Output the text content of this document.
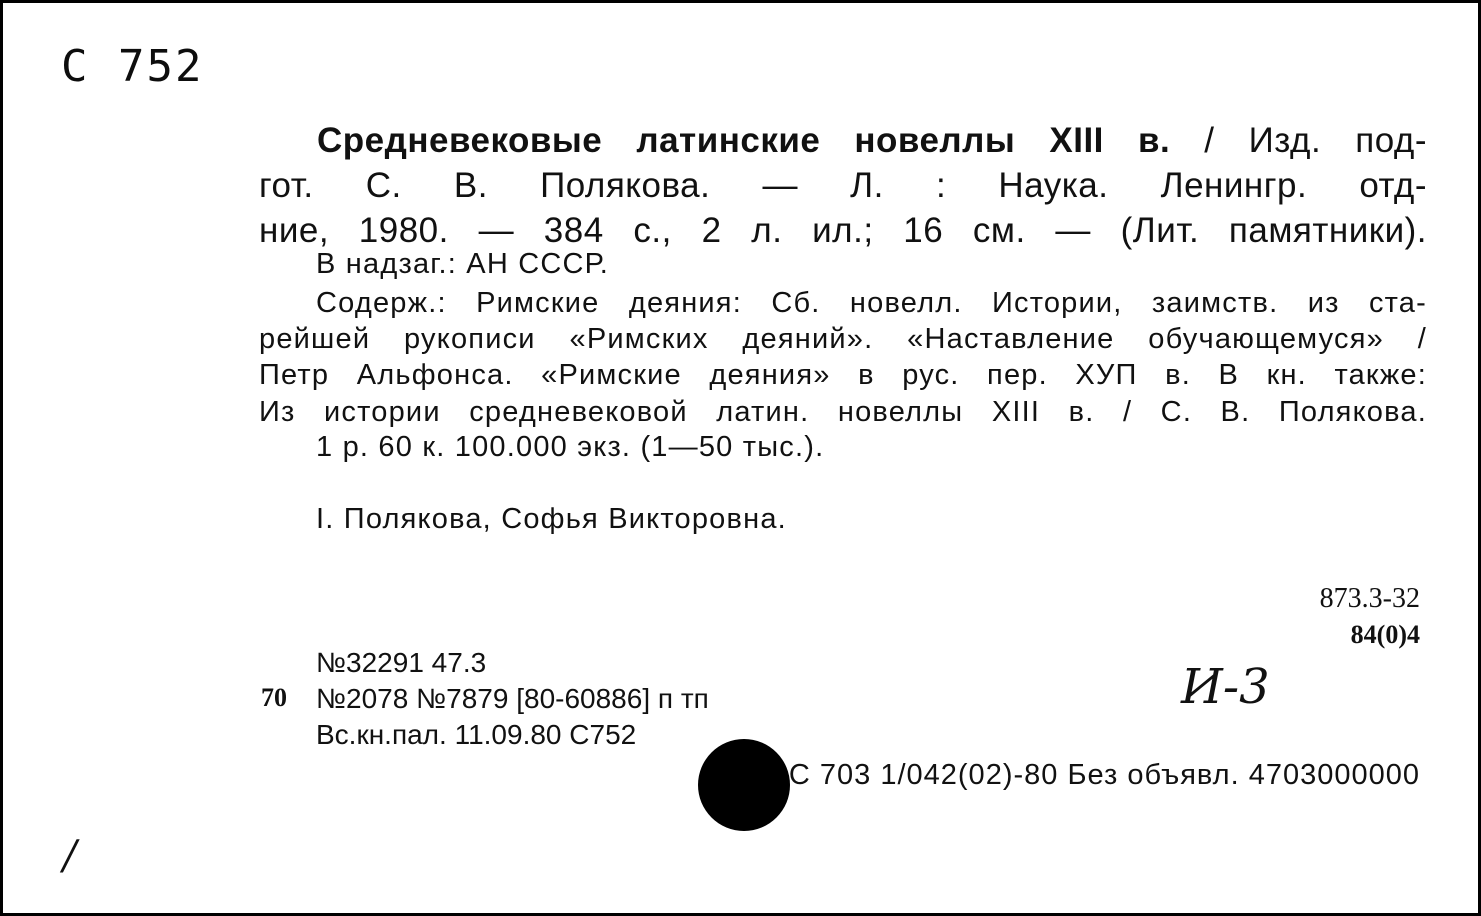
С 752
Средневековые латинские новеллы XIII в. / Изд. под-
гот. С. В. Полякова. — Л. : Наука. Ленингр. отд-
ние, 1980. — 384 с., 2 л. ил.; 16 см. — (Лит. памятники).
В надзаг.: АН СССР.
Содерж.: Римские деяния: Сб. новелл. Истории, заимств. из ста-
рейшей рукописи «Римских деяний». «Наставление обучающемуся» /
Петр Альфонса. «Римские деяния» в рус. пер. ХУП в. В кн. также:
Из истории средневековой латин. новеллы XIII в. / С. В. Полякова.
1 р. 60 к. 100.000 экз. (1—50 тыс.).
I. Полякова, Софья Викторовна.
873.3-32
84(0)4
№32291 47.3
70 №2078 №7879 [80-60886] п тп
Вс.кн.пал. 11.09.80 С752
С 703 1/042(02)-80 Без объявл. 4703000000
И-3
/
